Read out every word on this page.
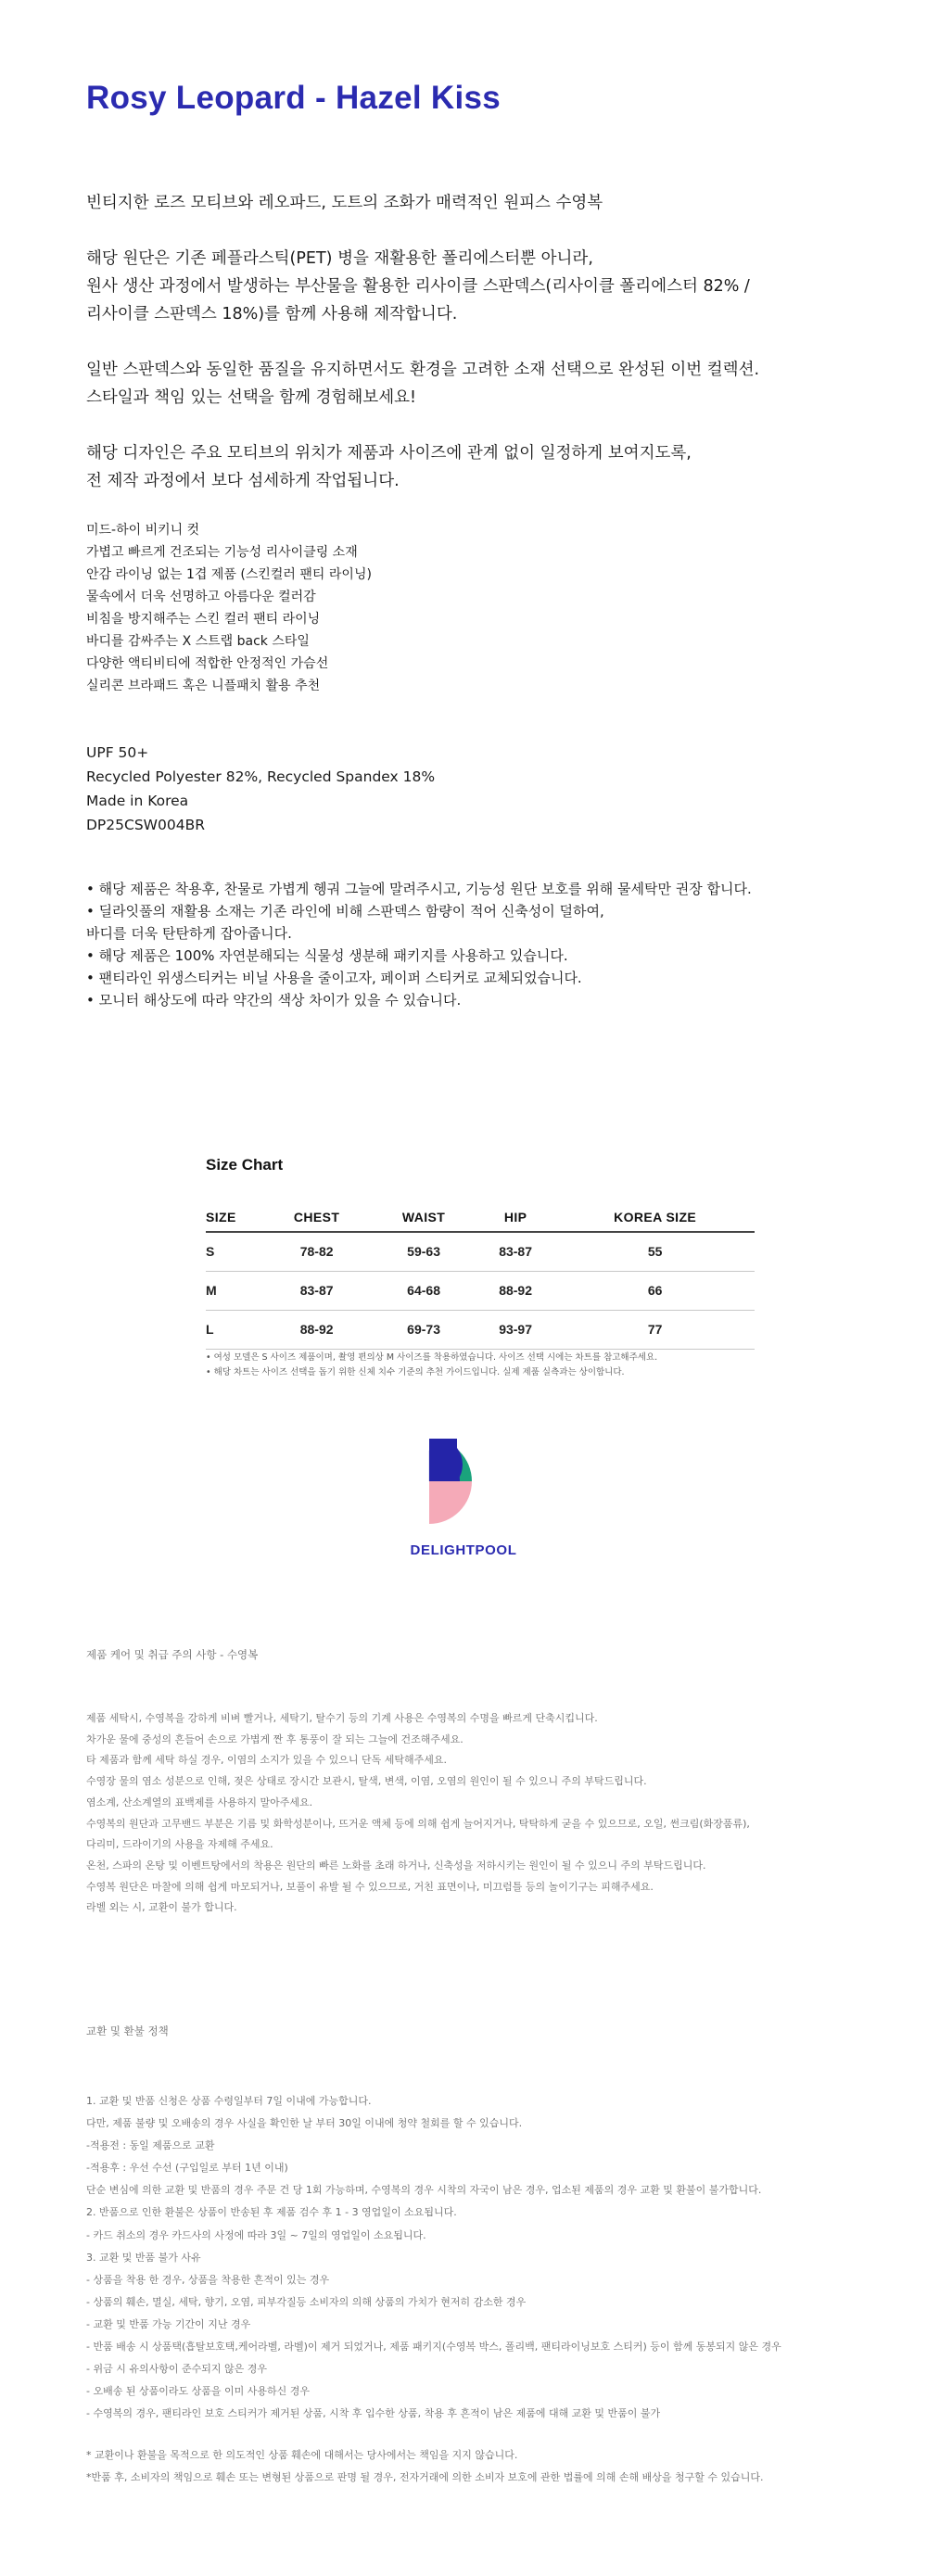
Rosy Leopard - Hazel Kiss
빈티지한 로즈 모티브와 레오파드, 도트의 조화가 매력적인 원피스 수영복
해당 원단은 기존 페플라스틱(PET) 병을 재활용한 폴리에스터뿐 아니라,
원사 생산 과정에서 발생하는 부산물을 활용한 리사이클 스판덱스(리사이클 폴리에스터 82% /
리사이클 스판덱스 18%)를 함께 사용해 제작합니다.
일반 스판덱스와 동일한 품질을 유지하면서도 환경을 고려한 소재 선택으로 완성된 이번 컬렉션.
스타일과 책임 있는 선택을 함께 경험해보세요!
해당 디자인은 주요 모티브의 위치가 제품과 사이즈에 관계 없이 일정하게 보여지도록,
전 제작 과정에서 보다 섬세하게 작업됩니다.
미드-하이 비키니 컷
가볍고 빠르게 건조되는 기능성 리사이클링 소재
안감 라이닝 없는 1겹 제품 (스킨컬러 팬티 라이닝)
물속에서 더욱 선명하고 아름다운 컬러감
비침을 방지해주는 스킨 컬러 팬티 라이닝
바디를 감싸주는 X 스트랩 back 스타일
다양한 액티비티에 적합한 안정적인 가슴선
실리콘 브라패드 혹은 니플패치 활용 추천
UPF 50+
Recycled Polyester 82%, Recycled Spandex 18%
Made in Korea
DP25CSW004BR
• 해당 제품은 착용후, 찬물로 가볍게 헹궈 그늘에 말려주시고, 기능성 원단 보호를 위해 물세탁만 권장 합니다.
• 딜라잇풀의 재활용 소재는 기존 라인에 비해 스판덱스 함량이 적어 신축성이 덜하여,
바디를 더욱 탄탄하게 잡아줍니다.
• 해당 제품은 100% 자연분해되는 식물성 생분해 패키지를 사용하고 있습니다.
• 팬티라인 위생스티커는 비닐 사용을 줄이고자, 페이퍼 스티커로 교체되었습니다.
• 모니터 해상도에 따라 약간의 색상 차이가 있을 수 있습니다.
Size Chart
SIZE	CHEST	WAIST	HIP	KOREA SIZE
S	78-82	59-63	83-87	55
M	83-87	64-68	88-92	66
L	88-92	69-73	93-97	77
• 여성 모델은 S 사이즈 제품이며, 촬영 편의상 M 사이즈를 착용하였습니다. 사이즈 선택 시에는 차트를 참고해주세요.
• 해당 차트는 사이즈 선택을 돕기 위한 신체 치수 기준의 추천 가이드입니다. 실제 제품 실측과는 상이합니다.
DELIGHTPOOL
제품 케어 및 취급 주의 사항 - 수영복
제품 세탁시, 수영복을 강하게 비벼 빨거나, 세탁기, 탈수기 등의 기계 사용은 수영복의 수명을 빠르게 단축시킵니다.
차가운 물에 중성의 흔들어 손으로 가볍게 짠 후 통풍이 잘 되는 그늘에 건조해주세요.
타 제품과 함께 세탁 하실 경우, 이염의 소지가 있을 수 있으니 단독 세탁해주세요.
수영장 물의 염소 성분으로 인해, 젖은 상태로 장시간 보관시, 탈색, 변색, 이염, 오염의 원인이 될 수 있으니 주의 부탁드립니다.
염소계, 산소계열의 표백제를 사용하지 말아주세요.
수영복의 원단과 고무밴드 부분은 기름 및 화학성분이나, 뜨거운 액체 등에 의해 쉽게 늘어지거나, 탁탁하게 굳을 수 있으므로, 오일, 썬크림(화장품류),
다리미, 드라이기의 사용을 자제해 주세요.
온천, 스파의 온탕 및 이벤트탕에서의 착용은 원단의 빠른 노화를 초래 하거나, 신축성을 저하시키는 원인이 될 수 있으니 주의 부탁드립니다.
수영복 원단은 마찰에 의해 쉽게 마모되거나, 보풀이 유발 될 수 있으므로, 거친 표면이나, 미끄럼틀 등의 놀이기구는 피해주세요.
라벨 외는 시, 교환이 불가 합니다.
교환 및 환불 정책
1. 교환 및 반품 신청은 상품 수령일부터 7일 이내에 가능합니다.
다만, 제품 불량 및 오배송의 경우 사실을 확인한 날 부터 30일 이내에 청약 철회를 할 수 있습니다.
-적용전 : 동일 제품으로 교환
-적용후 : 우선 수선 (구입일로 부터 1년 이내)
단순 변심에 의한 교환 및 반품의 경우 주문 건 당 1회 가능하며, 수영복의 경우 시착의 자국이 남은 경우, 업소된 제품의 경우 교환 및 환불이 불가합니다.
2. 반품으로 인한 환불은 상품이 반송된 후 제품 검수 후 1 - 3 영업일이 소요됩니다.
- 카드 취소의 경우 카드사의 사정에 따라 3일 ~ 7일의 영업일이 소요됩니다.
3. 교환 및 반품 불가 사유
- 상품을 착용 한 경우, 상품을 착용한 흔적이 있는 경우
- 상품의 훼손, 멸실, 세탁, 향기, 오염, 피부각질등 소비자의 의해 상품의 가치가 현저히 감소한 경우
- 교환 및 반품 가능 기간이 지난 경우
- 반품 배송 시 상품택(흡탈보호택,케어라벨, 라벨)이 제거 되었거나, 제품 패키지(수영복 박스, 폴리백, 팬티라이닝보호 스티커) 등이 함께 동봉되지 않은 경우
- 위금 시 유의사항이 준수되지 않은 경우
- 오배송 된 상품이라도 상품을 이미 사용하신 경우
- 수영복의 경우, 팬티라인 보호 스티커가 제거된 상품, 시착 후 입수한 상품, 착용 후 흔적이 남은 제품에 대해 교환 및 반품이 불가
* 교환이나 환불을 목적으로 한 의도적인 상품 훼손에 대해서는 당사에서는 책임을 지지 않습니다.
*반품 후, 소비자의 책임으로 훼손 또는 변형된 상품으로 판명 될 경우, 전자거래에 의한 소비자 보호에 관한 법률에 의해 손해 배상을 청구할 수 있습니다.
